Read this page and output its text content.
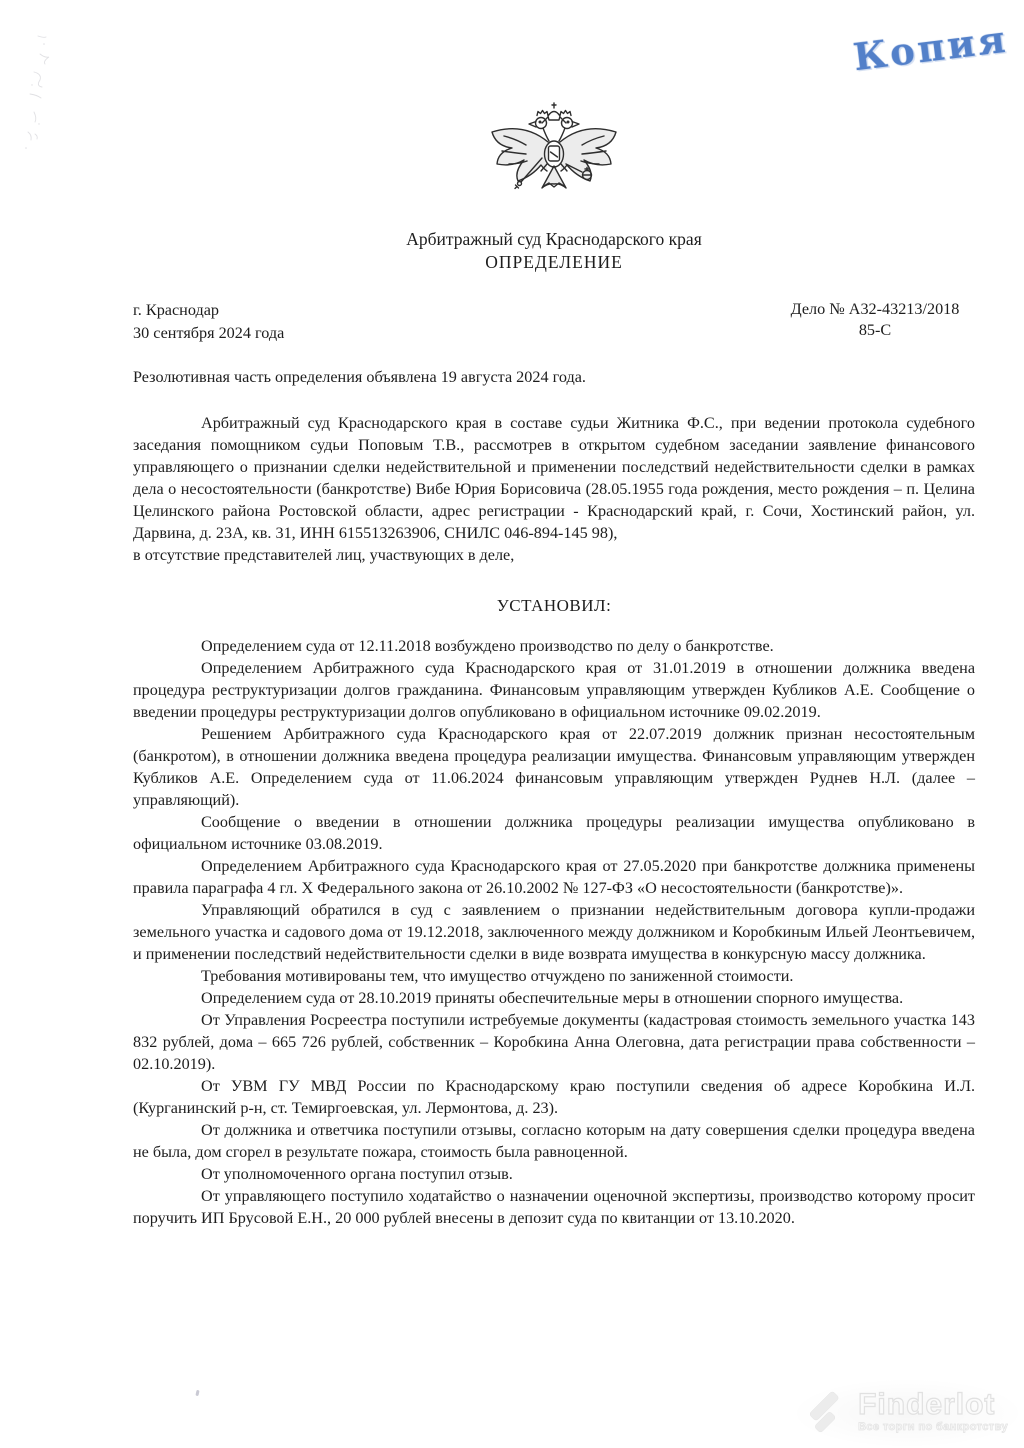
Копия
Арбитражный суд Краснодарского края
ОПРЕДЕЛЕНИЕ
г. Краснодар
30 сентября 2024 года
Дело № А32-43213/2018
85-С

Резолютивная часть определения объявлена 19 августа 2024 года.

Арбитражный суд Краснодарского края в составе судьи Житника Ф.С., при ведении протокола судебного заседания помощником судьи Поповым Т.В., рассмотрев в открытом судебном заседании заявление финансового управляющего о признании сделки недействительной и применении последствий недействительности сделки в рамках дела о несостоятельности (банкротстве) Вибе Юрия Борисовича (28.05.1955 года рождения, место рождения – п. Целина Целинского района Ростовской области, адрес регистрации - Краснодарский край, г. Сочи, Хостинский район, ул. Дарвина, д. 23А, кв. 31, ИНН 615513263906, СНИЛС 046-894-145 98),

в отсутствие представителей лиц, участвующих в деле,

УСТАНОВИЛ:

Определением суда от 12.11.2018 возбуждено производство по делу о банкротстве.

Определением Арбитражного суда Краснодарского края от 31.01.2019 в отношении должника введена процедура реструктуризации долгов гражданина. Финансовым управляющим утвержден Кубликов А.Е. Сообщение о введении процедуры реструктуризации долгов опубликовано в официальном источнике 09.02.2019.

Решением Арбитражного суда Краснодарского края от 22.07.2019 должник признан несостоятельным (банкротом), в отношении должника введена процедура реализации имущества. Финансовым управляющим утвержден Кубликов А.Е. Определением суда от 11.06.2024 финансовым управляющим утвержден Руднев Н.Л. (далее – управляющий).

Сообщение о введении в отношении должника процедуры реализации имущества опубликовано в официальном источнике 03.08.2019.

Определением Арбитражного суда Краснодарского края от 27.05.2020 при банкротстве должника применены правила параграфа 4 гл. X Федерального закона от 26.10.2002 № 127-ФЗ «О несостоятельности (банкротстве)».

Управляющий обратился в суд с заявлением о признании недействительным договора купли-продажи земельного участка и садового дома от 19.12.2018, заключенного между должником и Коробкиным Ильей Леонтьевичем, и применении последствий недействительности сделки в виде возврата имущества в конкурсную массу должника.

Требования мотивированы тем, что имущество отчуждено по заниженной стоимости.

Определением суда от 28.10.2019 приняты обеспечительные меры в отношении спорного имущества.

От Управления Росреестра поступили истребуемые документы (кадастровая стоимость земельного участка 143 832 рублей, дома – 665 726 рублей, собственник – Коробкина Анна Олеговна, дата регистрации права собственности – 02.10.2019).

От УВМ ГУ МВД России по Краснодарскому краю поступили сведения об адресе Коробкина И.Л. (Курганинский р-н, ст. Темиргоевская, ул. Лермонтова, д. 23).

От должника и ответчика поступили отзывы, согласно которым на дату совершения сделки процедура введена не была, дом сгорел в результате пожара, стоимость была равноценной.

От уполномоченного органа поступил отзыв.

От управляющего поступило ходатайство о назначении оценочной экспертизы, производство которому просит поручить ИП Брусовой Е.Н., 20 000 рублей внесены в депозит суда по квитанции от 13.10.2020.

Finderlot
Все торги по банкротству
